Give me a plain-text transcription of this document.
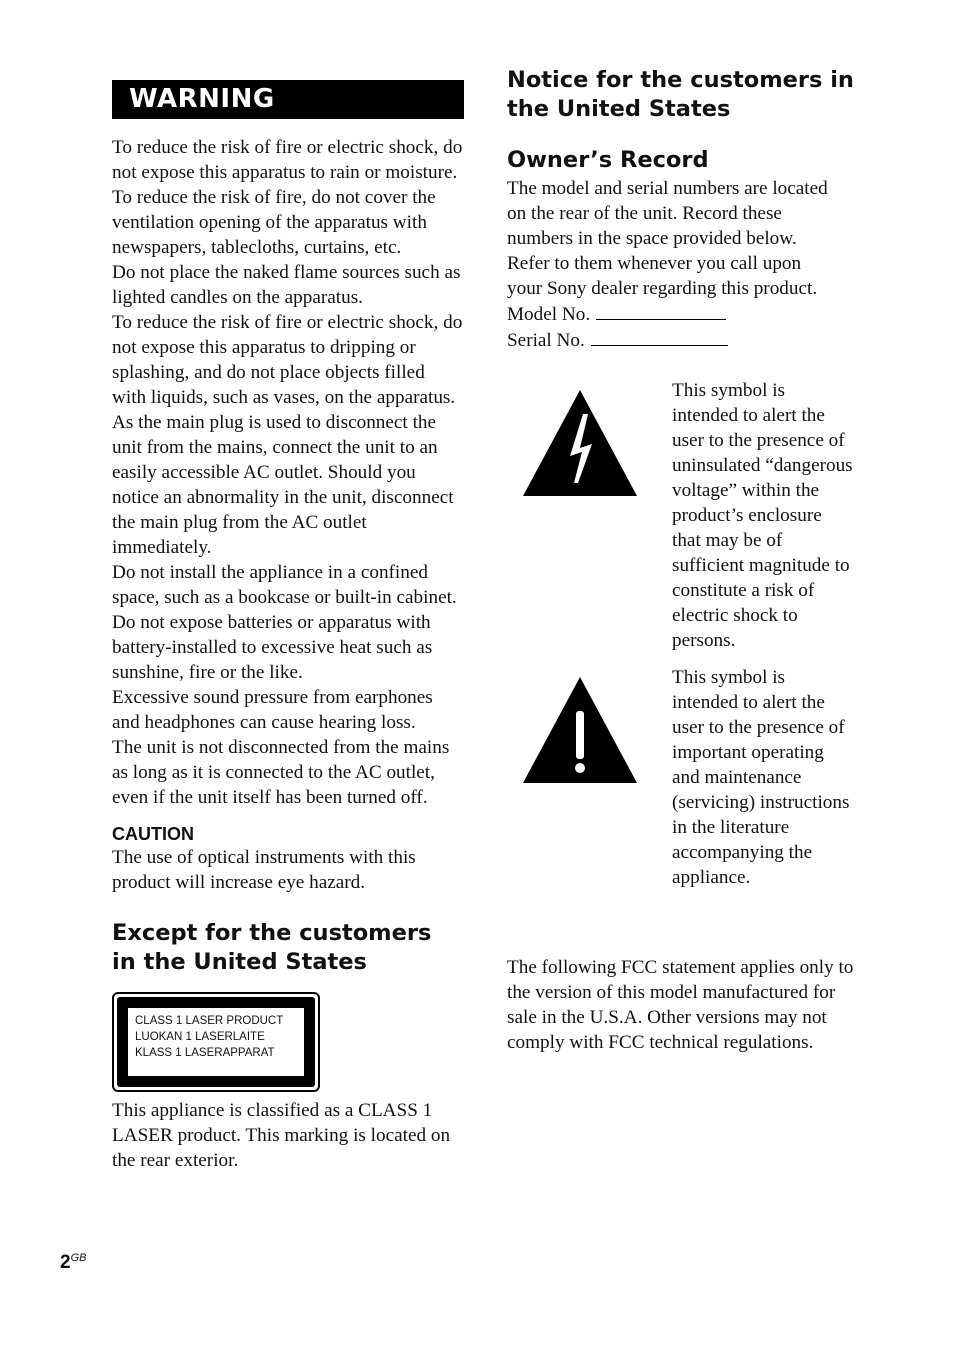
WARNING
To reduce the risk of fire or electric shock, do
not expose this apparatus to rain or moisture.
To reduce the risk of fire, do not cover the
ventilation opening of the apparatus with
newspapers, tablecloths, curtains, etc.
Do not place the naked flame sources such as
lighted candles on the apparatus.
To reduce the risk of fire or electric shock, do
not expose this apparatus to dripping or
splashing, and do not place objects filled
with liquids, such as vases, on the apparatus.
As the main plug is used to disconnect the
unit from the mains, connect the unit to an
easily accessible AC outlet. Should you
notice an abnormality in the unit, disconnect
the main plug from the AC outlet
immediately.
Do not install the appliance in a confined
space, such as a bookcase or built-in cabinet.
Do not expose batteries or apparatus with
battery-installed to excessive heat such as
sunshine, fire or the like.
Excessive sound pressure from earphones
and headphones can cause hearing loss.
The unit is not disconnected from the mains
as long as it is connected to the AC outlet,
even if the unit itself has been turned off.
CAUTION
The use of optical instruments with this
product will increase eye hazard.
Except for the customers
in the United States
CLASS 1 LASER PRODUCT
LUOKAN 1 LASERLAITE
KLASS 1 LASERAPPARAT
This appliance is classified as a CLASS 1
LASER product. This marking is located on
the rear exterior.
Notice for the customers in
the United States
Owner’s Record
The model and serial numbers are located
on the rear of the unit. Record these
numbers in the space provided below.
Refer to them whenever you call upon
your Sony dealer regarding this product.
Model No.
Serial No.
This symbol is
intended to alert the
user to the presence of
uninsulated “dangerous
voltage” within the
product’s enclosure
that may be of
sufficient magnitude to
constitute a risk of
electric shock to
persons.
This symbol is
intended to alert the
user to the presence of
important operating
and maintenance
(servicing) instructions
in the literature
accompanying the
appliance.
The following FCC statement applies only to
the version of this model manufactured for
sale in the U.S.A. Other versions may not
comply with FCC technical regulations.
$2^{GB}$
